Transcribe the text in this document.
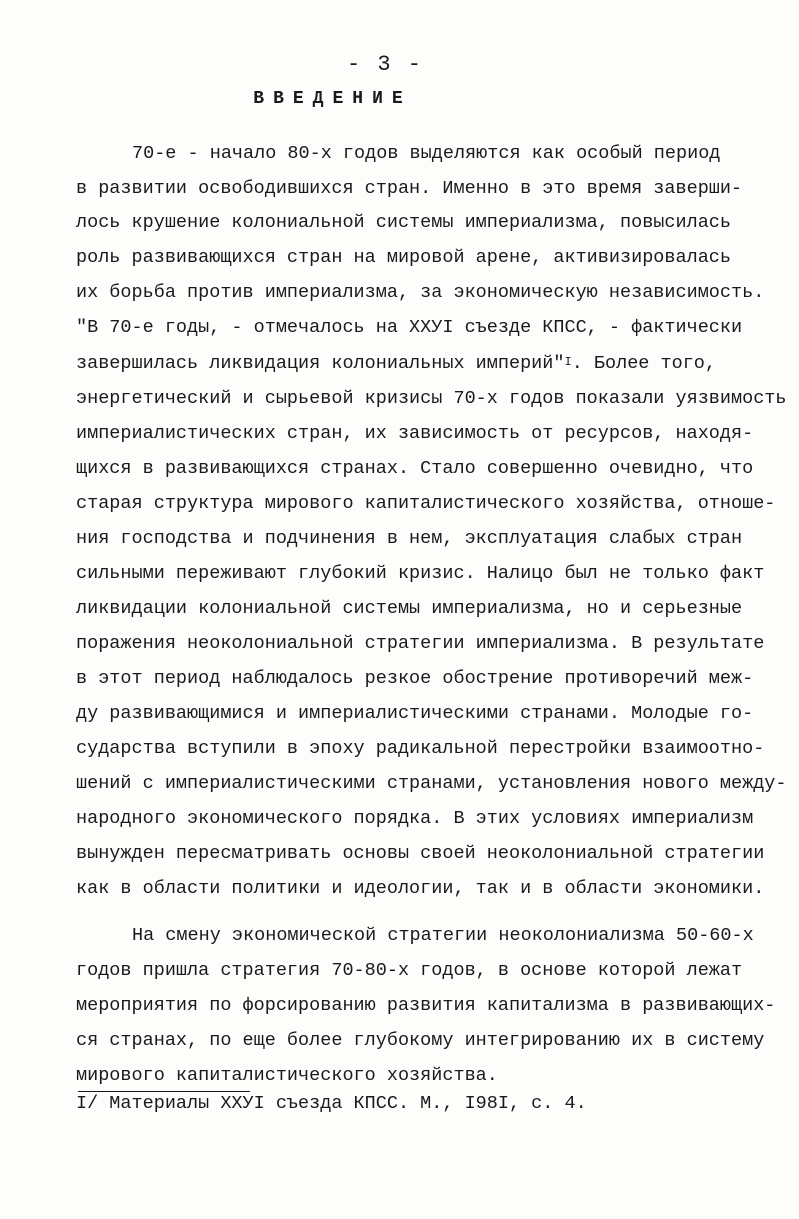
- 3 -
ВВЕДЕНИЕ
70-е - начало 80-х годов выделяются как особый период
в развитии освободившихся стран. Именно в это время заверши-
лось крушение колониальной системы империализма, повысилась
роль развивающихся стран на мировой арене, активизировалась
их борьба против империализма, за экономическую независимость.
"В 70-е годы, - отмечалось на XXУI съезде КПСС, - фактически
завершилась ликвидация колониальных империй"$^I$. Более того,
энергетический и сырьевой кризисы 70-х годов показали уязвимость
империалистических стран, их зависимость от ресурсов, находя-
щихся в развивающихся странах. Стало совершенно очевидно, что
старая структура мирового капиталистического хозяйства, отноше-
ния господства и подчинения в нем, эксплуатация слабых стран
сильными переживают глубокий кризис. Налицо был не только факт
ликвидации колониальной системы империализма, но и серьезные
поражения неоколониальной стратегии империализма. В результате
в этот период наблюдалось резкое обострение противоречий меж-
ду развивающимися и империалистическими странами. Молодые го-
сударства вступили в эпоху радикальной перестройки взаимоотно-
шений с империалистическими странами, установления нового между-
народного экономического порядка. В этих условиях империализм
вынужден пересматривать основы своей неоколониальной стратегии
как в области политики и идеологии, так и в области экономики.
На смену экономической стратегии неоколониализма 50-60-х
годов пришла стратегия 70-80-х годов, в основе которой лежат
мероприятия по форсированию развития капитализма в развивающих-
ся странах, по еще более глубокому интегрированию их в систему
мирового капиталистического хозяйства.
I/ Материалы XXУI съезда КПСС. М., I98I, с. 4.
